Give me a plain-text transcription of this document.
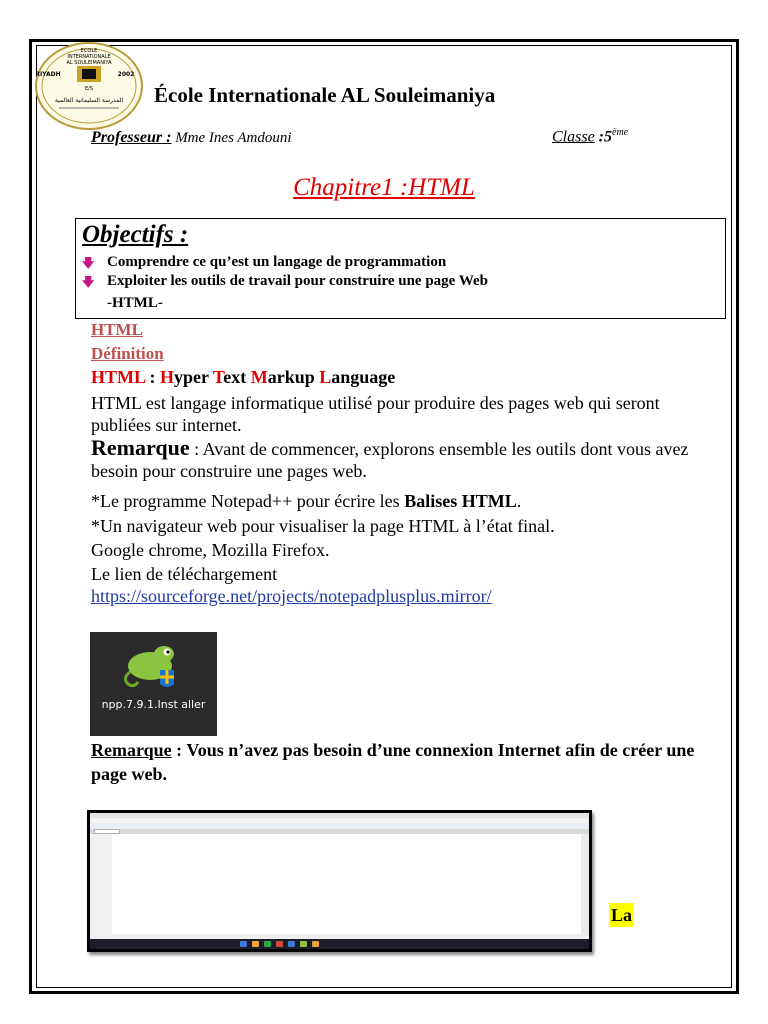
ECOLE
INTERNATIONALE
AL SOULEIMANIYA
RIYADH	2002
E/S
المدرسة السليمانية العالمية École Internationale AL Souleimaniya
Professeur : Mme Ines Amdouni	Classe :5ème
Chapitre1 :HTML
Objectifs :
🡇 Comprendre ce qu’est un langage de programmation
🡇 Exploiter les outils de travail pour construire une page Web
-HTML-
HTML
Définition
HTML : Hyper Text Markup Language
HTML est langage informatique utilisé pour produire des pages web qui seront publiées sur internet.
Remarque : Avant de commencer, explorons ensemble les outils dont vous avez besoin pour construire une pages web.
*Le programme Notepad++ pour écrire les Balises HTML.
*Un navigateur web pour visualiser la page HTML à l’état final.
Google chrome, Mozilla Firefox.
Le lien de téléchargement
https://sourceforge.net/projects/notepadplusplus.mirror/
npp.7.9.1.Inst aller
Remarque : Vous n’avez pas besoin d’une connexion Internet afin de créer une page web.
La
